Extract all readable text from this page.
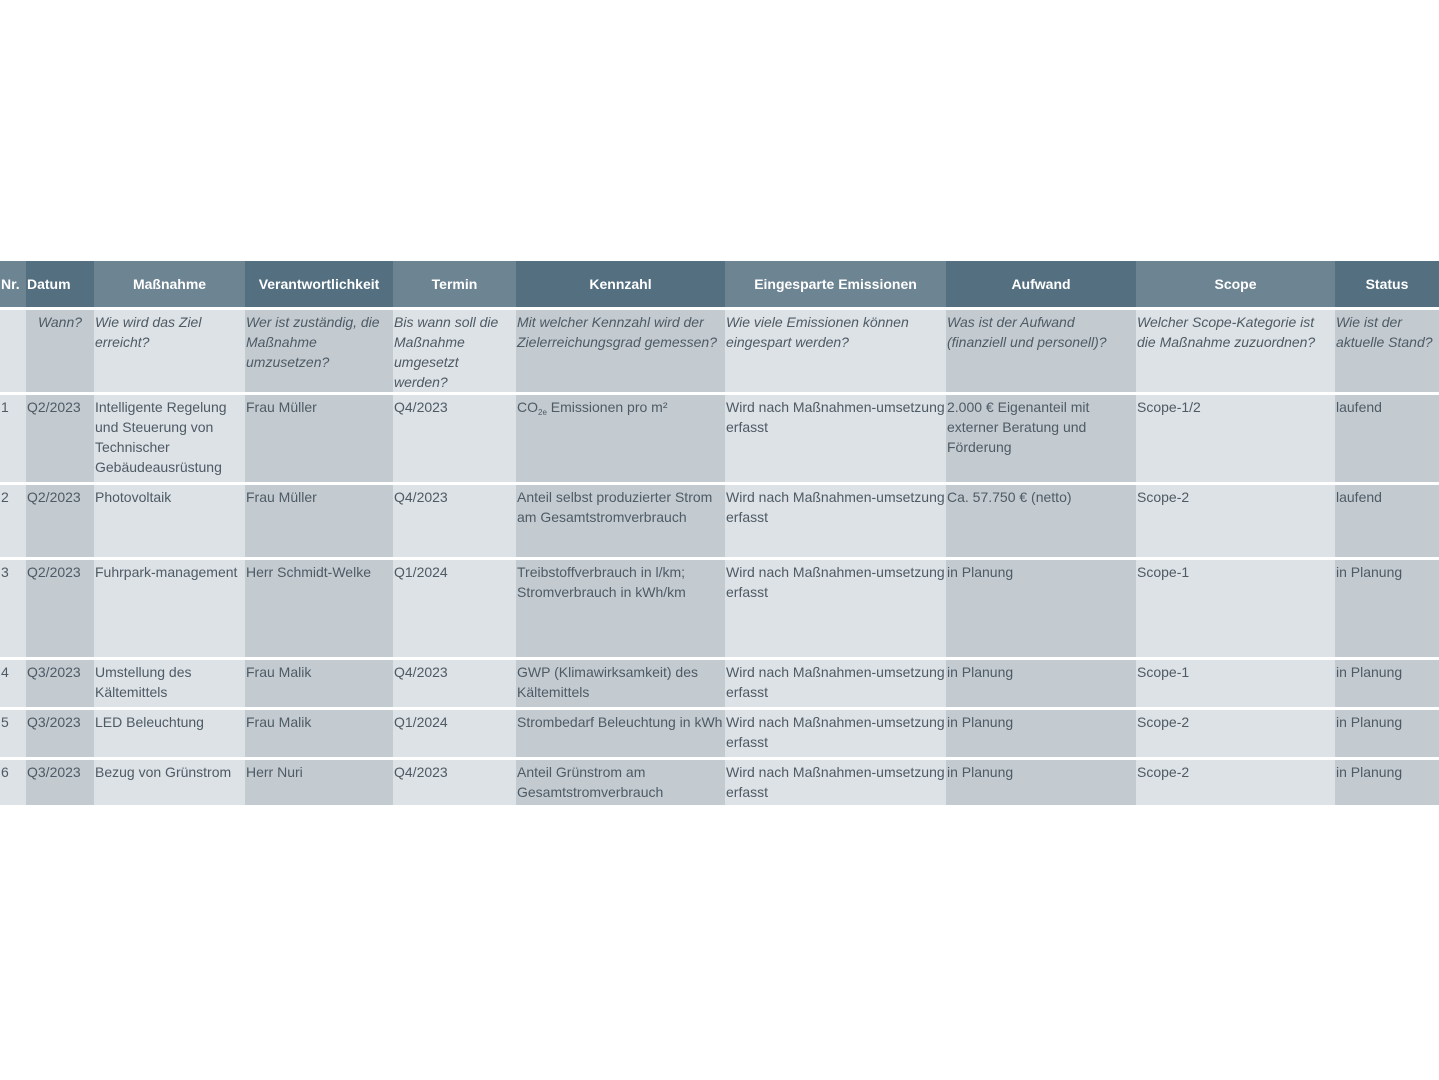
Nr.	Datum	Maßnahme	Verantwortlichkeit	Termin	Kennzahl	Eingesparte Emissionen	Aufwand	Scope	Status
	Wann?	Wie wird das Ziel erreicht?	Wer ist zuständig, die Maßnahme umzusetzen?	Bis wann soll die Maßnahme umgesetzt werden?	Mit welcher Kennzahl wird der Zielerreichungsgrad gemessen?	Wie viele Emissionen können eingespart werden?	Was ist der Aufwand (finanziell und personell)?	Welcher Scope-Kategorie ist die Maßnahme zuzuordnen?	Wie ist der aktuelle Stand?
1	Q2/2023	Intelligente Regelung und Steuerung von Technischer Gebäudeausrüstung	Frau Müller	Q4/2023	$CO_{2e}$ Emissionen pro m²	Wird nach Maßnahmen-umsetzung erfasst	2.000 € Eigenanteil mit externer Beratung und Förderung	Scope-1/2	laufend
2	Q2/2023	Photovoltaik	Frau Müller	Q4/2023	Anteil selbst produzierter Strom am Gesamtstromverbrauch	Wird nach Maßnahmen-umsetzung erfasst	Ca. 57.750 € (netto)	Scope-2	laufend
3	Q2/2023	Fuhrpark-management	Herr Schmidt-Welke	Q1/2024	Treibstoffverbrauch in l/km; Stromverbrauch in kWh/km	Wird nach Maßnahmen-umsetzung erfasst	in Planung	Scope-1	in Planung
4	Q3/2023	Umstellung des Kältemittels	Frau Malik	Q4/2023	GWP (Klimawirksamkeit) des Kältemittels	Wird nach Maßnahmen-umsetzung erfasst	in Planung	Scope-1	in Planung
5	Q3/2023	LED Beleuchtung	Frau Malik	Q1/2024	Strombedarf Beleuchtung in kWh	Wird nach Maßnahmen-umsetzung erfasst	in Planung	Scope-2	in Planung
6	Q3/2023	Bezug von Grünstrom	Herr Nuri	Q4/2023	Anteil Grünstrom am Gesamtstromverbrauch	Wird nach Maßnahmen-umsetzung erfasst	in Planung	Scope-2	in Planung
